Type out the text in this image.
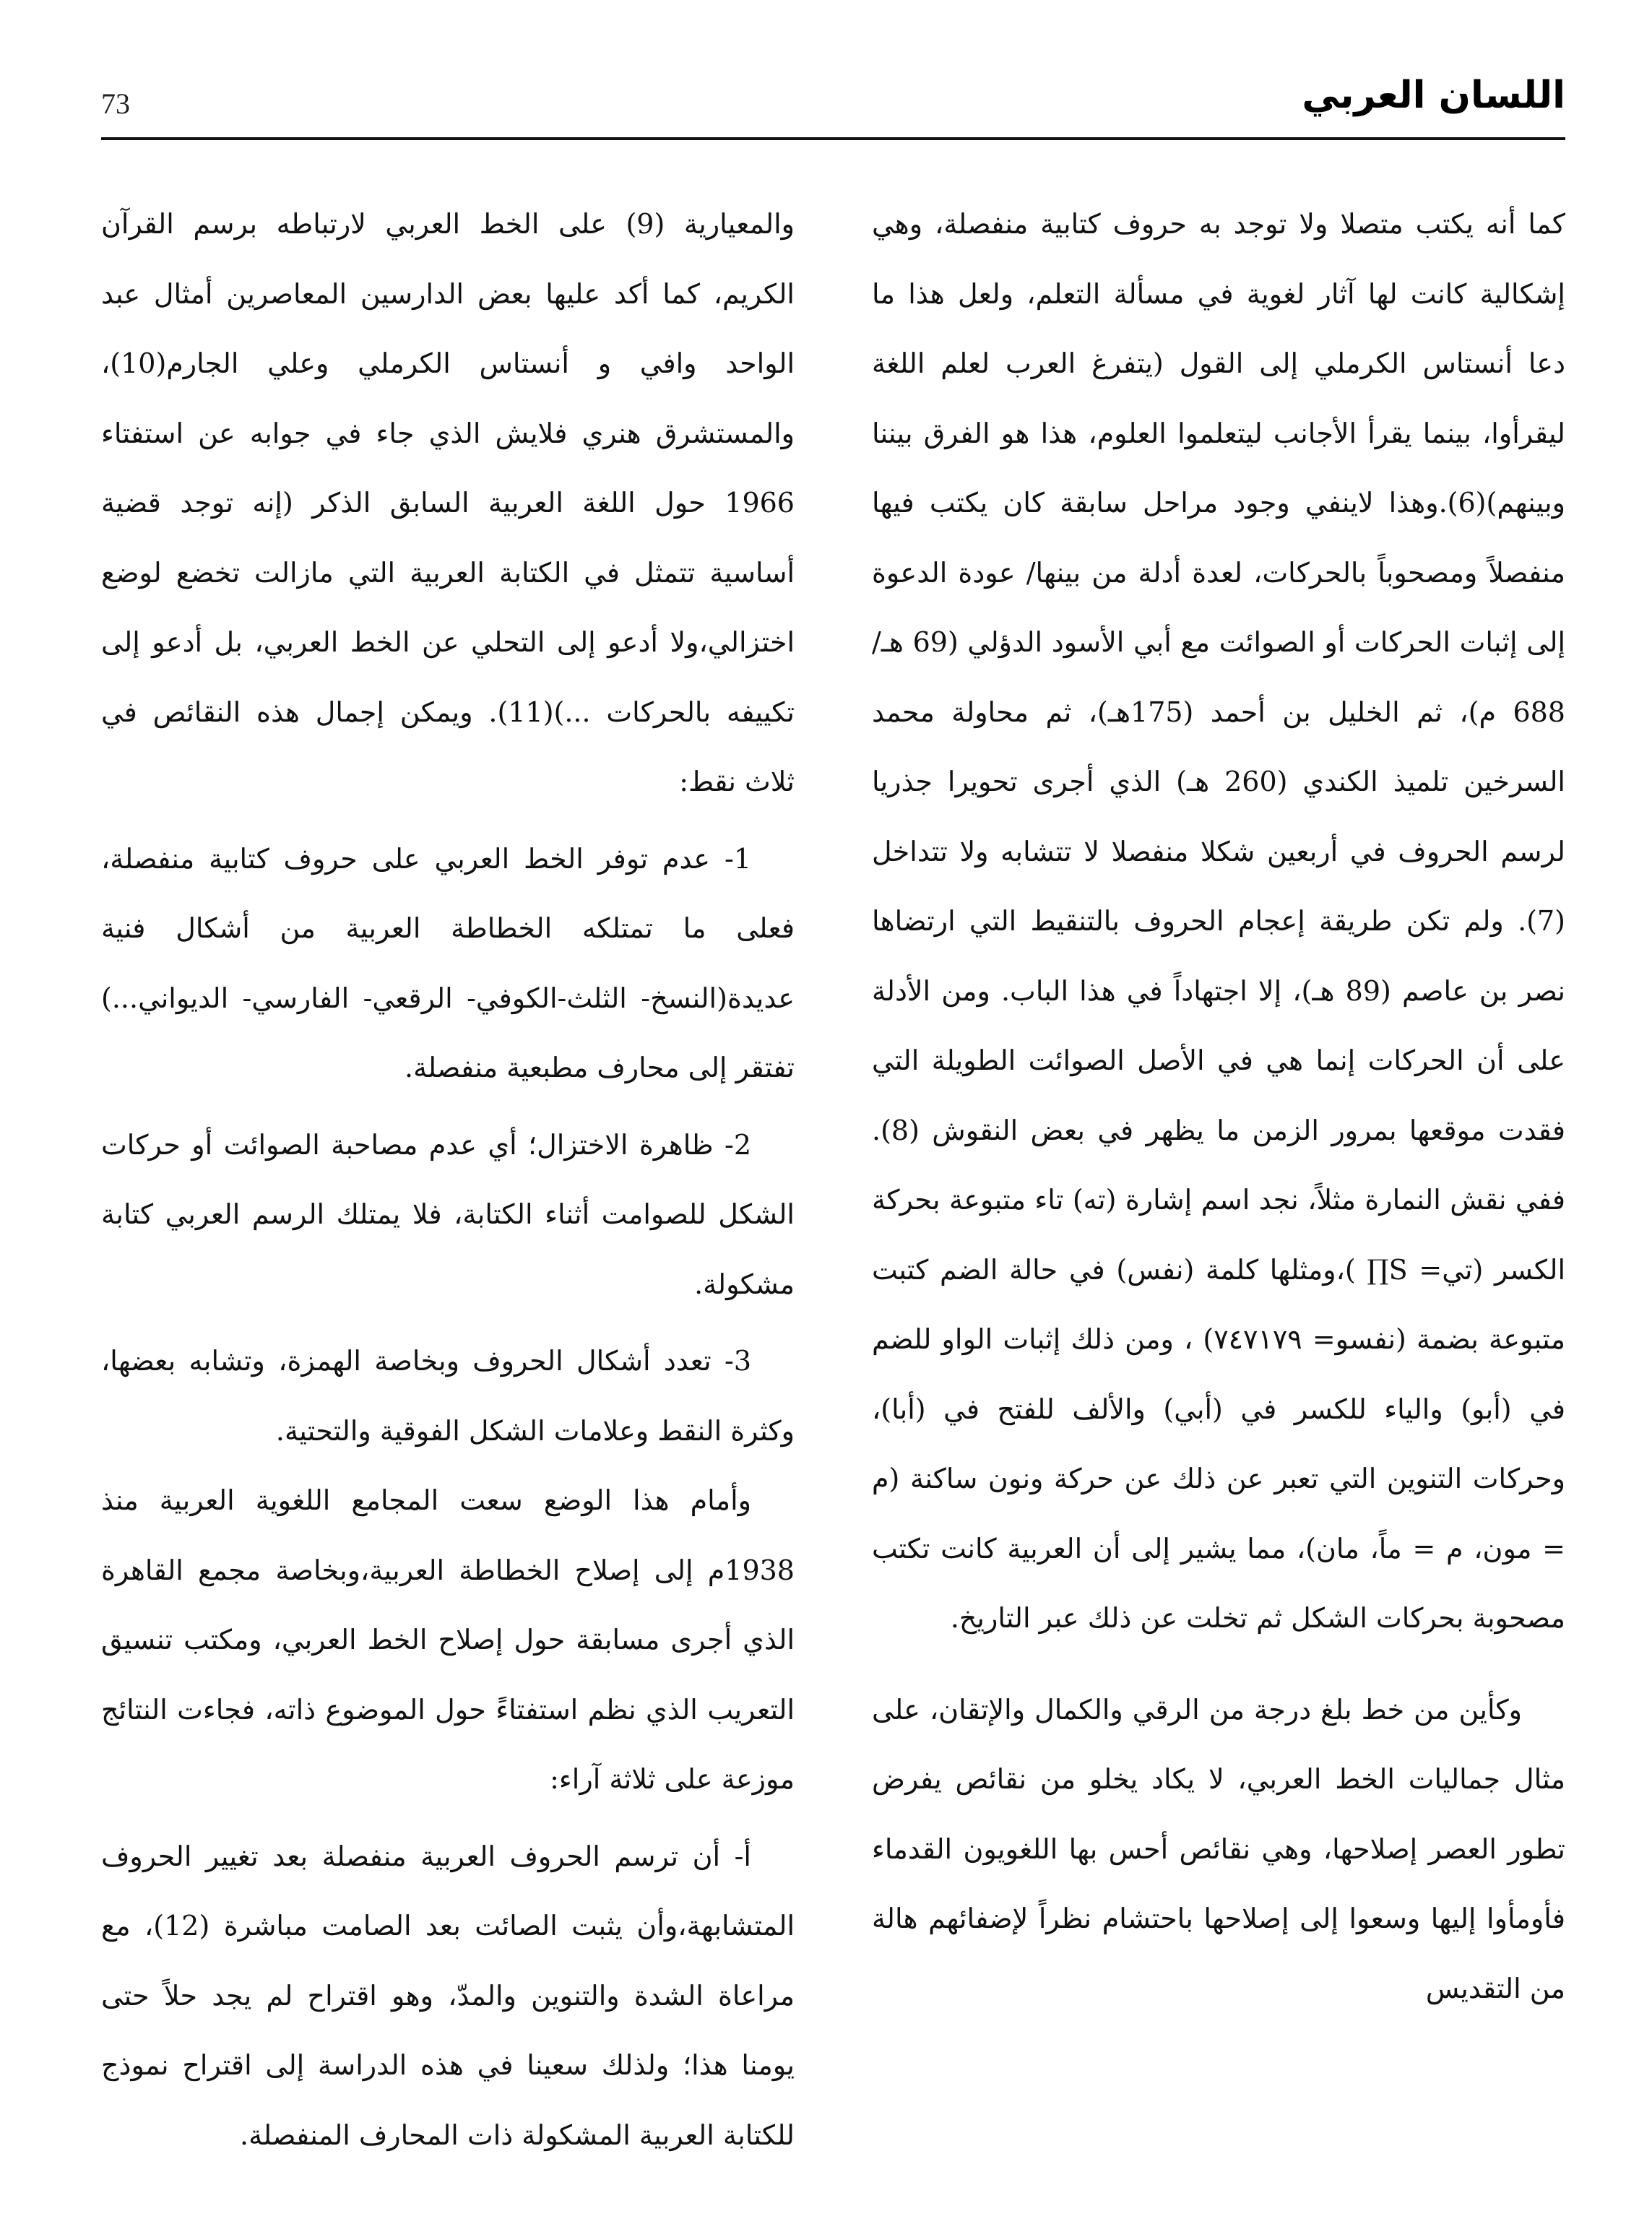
73	اللسان العربي

كما أنه يكتب متصلا ولا توجد به حروف كتابية منفصلة، وهي إشكالية كانت لها آثار لغوية في مسألة التعلم، ولعل هذا ما دعا أنستاس الكرملي إلى القول (يتفرغ العرب لعلم اللغة ليقرأوا، بينما يقرأ الأجانب ليتعلموا العلوم، هذا هو الفرق بيننا وبينهم)(6).وهذا لاينفي وجود مراحل سابقة كان يكتب فيها منفصلاً ومصحوباً بالحركات، لعدة أدلة من بينها/ عودة الدعوة إلى إثبات الحركات أو الصوائت مع أبي الأسود الدؤلي (69 هـ/ 688 م)، ثم الخليل بن أحمد (175هـ)، ثم محاولة محمد السرخين تلميذ الكندي (260 هـ) الذي أجرى تحويرا جذريا لرسم الحروف في أربعين شكلا منفصلا لا تتشابه ولا تتداخل (7). ولم تكن طريقة إعجام الحروف بالتنقيط التي ارتضاها نصر بن عاصم (89 هـ)، إلا اجتهاداً في هذا الباب. ومن الأدلة على أن الحركات إنما هي في الأصل الصوائت الطويلة التي فقدت موقعها بمرور الزمن ما يظهر في بعض النقوش (8). ففي نقش النمارة مثلاً، نجد اسم إشارة (ته) تاء متبوعة بحركة الكسر (تي= S∏ )،ومثلها كلمة (نفس) في حالة الضم كتبت متبوعة بضمة (نفسو= ٧٤٧١٧٩) ، ومن ذلك إثبات الواو للضم في (أبو) والياء للكسر في (أبي) والألف للفتح في (أبا)، وحركات التنوين التي تعبر عن ذلك عن حركة ونون ساكنة (م = مون، م = ماً، مان)، مما يشير إلى أن العربية كانت تكتب مصحوبة بحركات الشكل ثم تخلت عن ذلك عبر التاريخ.

وكأين من خط بلغ درجة من الرقي والكمال والإتقان، على مثال جماليات الخط العربي، لا يكاد يخلو من نقائص يفرض تطور العصر إصلاحها، وهي نقائص أحس بها اللغويون القدماء فأومأوا إليها وسعوا إلى إصلاحها باحتشام نظراً لإضفائهم هالة من التقديس

والمعيارية (9) على الخط العربي لارتباطه برسم القرآن الكريم، كما أكد عليها بعض الدارسين المعاصرين أمثال عبد الواحد وافي و أنستاس الكرملي وعلي الجارم(10)، والمستشرق هنري فلايش الذي جاء في جوابه عن استفتاء 1966 حول اللغة العربية السابق الذكر (إنه توجد قضية أساسية تتمثل في الكتابة العربية التي مازالت تخضع لوضع اختزالي،ولا أدعو إلى التحلي عن الخط العربي، بل أدعو إلى تكييفه بالحركات ...)(11). ويمكن إجمال هذه النقائص في ثلاث نقط:

1- عدم توفر الخط العربي على حروف كتابية منفصلة، فعلى ما تمتلكه الخطاطة العربية من أشكال فنية عديدة(النسخ- الثلث-الكوفي- الرقعي- الفارسي- الديواني...) تفتقر إلى محارف مطبعية منفصلة.

2- ظاهرة الاختزال؛ أي عدم مصاحبة الصوائت أو حركات الشكل للصوامت أثناء الكتابة، فلا يمتلك الرسم العربي كتابة مشكولة.

3- تعدد أشكال الحروف وبخاصة الهمزة، وتشابه بعضها، وكثرة النقط وعلامات الشكل الفوقية والتحتية.

وأمام هذا الوضع سعت المجامع اللغوية العربية منذ 1938م إلى إصلاح الخطاطة العربية،وبخاصة مجمع القاهرة الذي أجرى مسابقة حول إصلاح الخط العربي، ومكتب تنسيق التعريب الذي نظم استفتاءً حول الموضوع ذاته، فجاءت النتائج موزعة على ثلاثة آراء:

أ- أن ترسم الحروف العربية منفصلة بعد تغيير الحروف المتشابهة،وأن يثبت الصائت بعد الصامت مباشرة (12)، مع مراعاة الشدة والتنوين والمدّ، وهو اقتراح لم يجد حلاً حتى يومنا هذا؛ ولذلك سعينا في هذه الدراسة إلى اقتراح نموذج للكتابة العربية المشكولة ذات المحارف المنفصلة.
